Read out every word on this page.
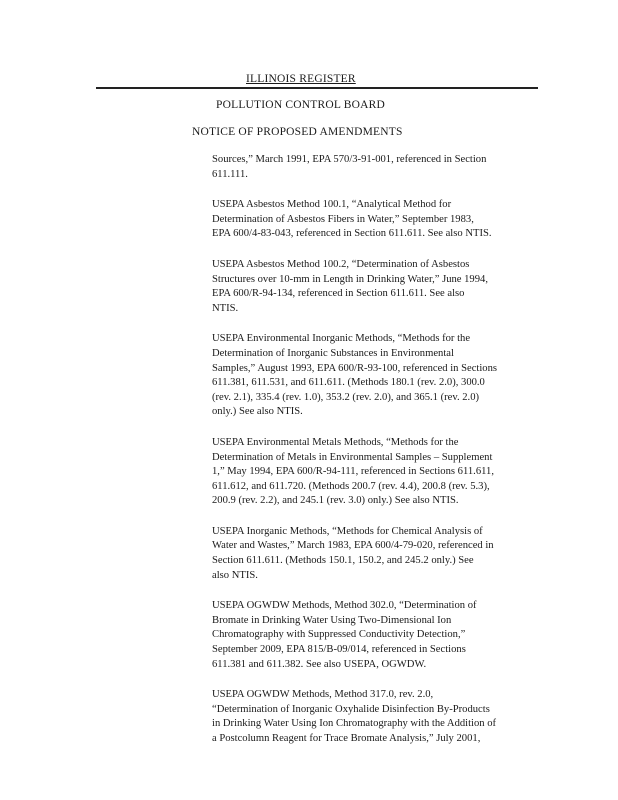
ILLINOIS REGISTER
POLLUTION CONTROL BOARD
NOTICE OF PROPOSED AMENDMENTS
Sources,” March 1991, EPA 570/3-91-001, referenced in Section
611.111.
USEPA Asbestos Method 100.1, “Analytical Method for
Determination of Asbestos Fibers in Water,” September 1983,
EPA 600/4-83-043, referenced in Section 611.611. See also NTIS.
USEPA Asbestos Method 100.2, “Determination of Asbestos
Structures over 10-mm in Length in Drinking Water,” June 1994,
EPA 600/R-94-134, referenced in Section 611.611. See also
NTIS.
USEPA Environmental Inorganic Methods, “Methods for the
Determination of Inorganic Substances in Environmental
Samples,” August 1993, EPA 600/R-93-100, referenced in Sections
611.381, 611.531, and 611.611. (Methods 180.1 (rev. 2.0), 300.0
(rev. 2.1), 335.4 (rev. 1.0), 353.2 (rev. 2.0), and 365.1 (rev. 2.0)
only.) See also NTIS.
USEPA Environmental Metals Methods, “Methods for the
Determination of Metals in Environmental Samples – Supplement
1,” May 1994, EPA 600/R-94-111, referenced in Sections 611.611,
611.612, and 611.720. (Methods 200.7 (rev. 4.4), 200.8 (rev. 5.3),
200.9 (rev. 2.2), and 245.1 (rev. 3.0) only.) See also NTIS.
USEPA Inorganic Methods, “Methods for Chemical Analysis of
Water and Wastes,” March 1983, EPA 600/4-79-020, referenced in
Section 611.611. (Methods 150.1, 150.2, and 245.2 only.) See
also NTIS.
USEPA OGWDW Methods, Method 302.0, “Determination of
Bromate in Drinking Water Using Two-Dimensional Ion
Chromatography with Suppressed Conductivity Detection,”
September 2009, EPA 815/B-09/014, referenced in Sections
611.381 and 611.382. See also USEPA, OGWDW.
USEPA OGWDW Methods, Method 317.0, rev. 2.0,
“Determination of Inorganic Oxyhalide Disinfection By-Products
in Drinking Water Using Ion Chromatography with the Addition of
a Postcolumn Reagent for Trace Bromate Analysis,” July 2001,
